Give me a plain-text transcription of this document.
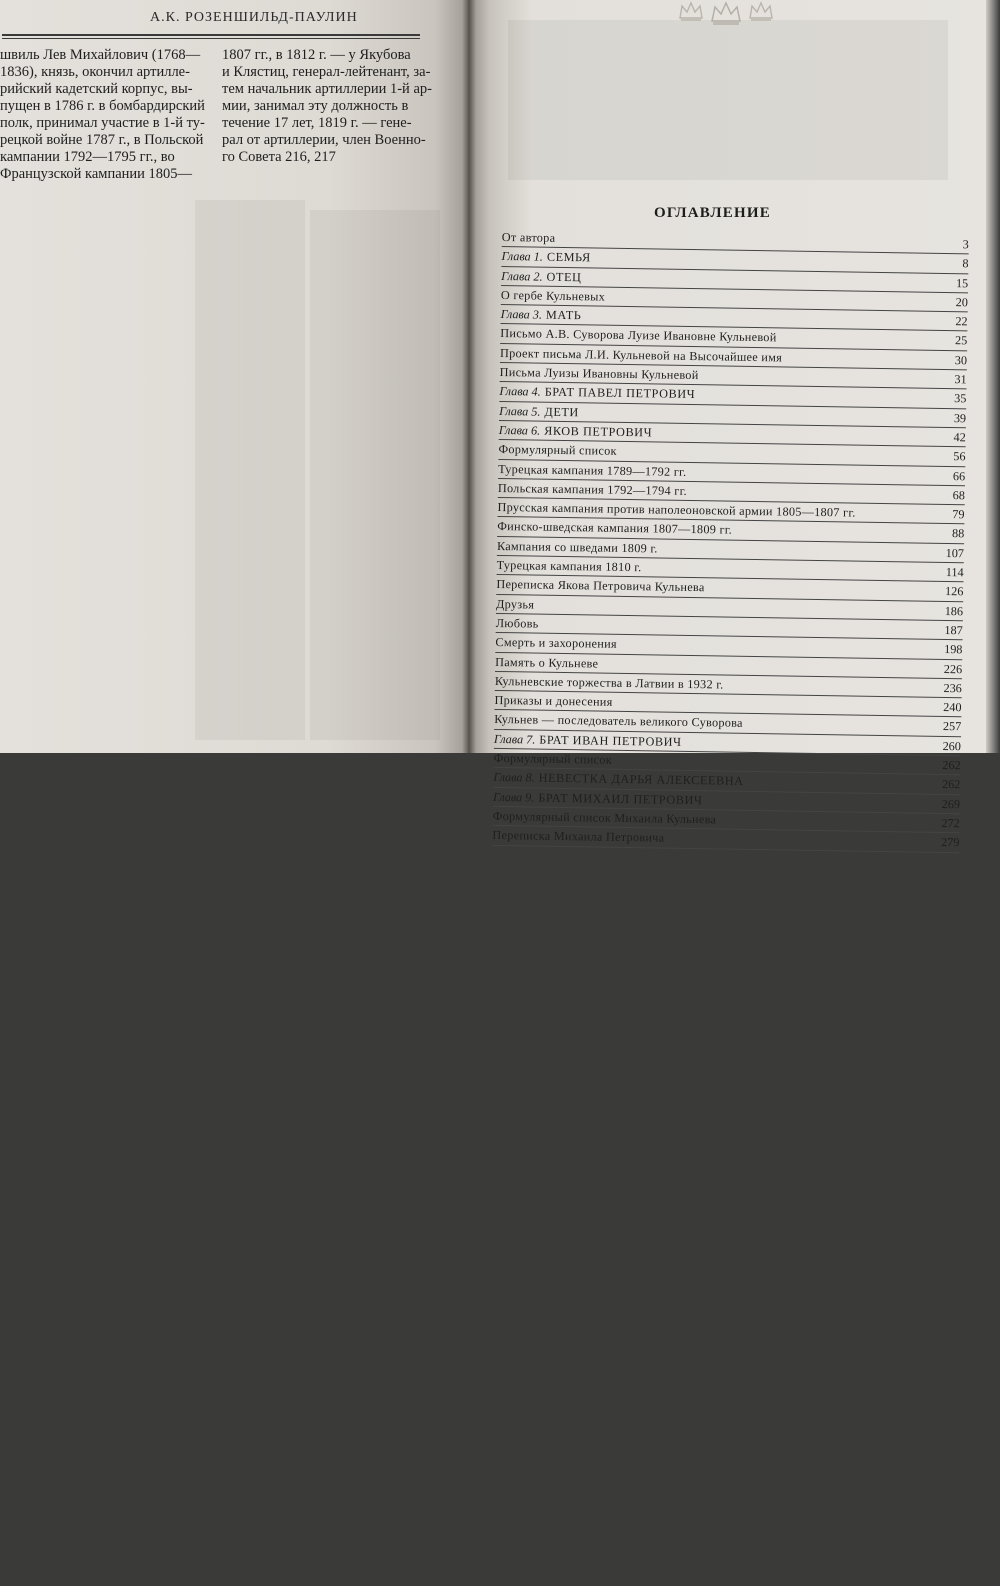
А.К. РОЗЕНШИЛЬД-ПАУЛИН
швиль Лев Михайлович (1768—
1836), князь, окончил артилле-
рийский кадетский корпус, вы-
пущен в 1786 г. в бомбардирский
полк, принимал участие в 1-й ту-
рецкой войне 1787 г., в Польской
кампании 1792—1795 гг., во
Французской кампании 1805—
1807 гг., в 1812 г. — у Якубова
и Клястиц, генерал-лейтенант, за-
тем начальник артиллерии 1-й ар-
мии, занимал эту должность в
течение 17 лет, 1819 г. — гене-
рал от артиллерии, член Военно-
го Совета 216, 217
ОГЛАВЛЕНИЕ
От автора	3
Глава 1. СЕМЬЯ	8
Глава 2. ОТЕЦ	15
О гербе Кульневых	20
Глава 3. МАТЬ	22
Письмо А.В. Суворова Луизе Ивановне Кульневой	25
Проект письма Л.И. Кульневой на Высочайшее имя	30
Письма Луизы Ивановны Кульневой	31
Глава 4. БРАТ ПАВЕЛ ПЕТРОВИЧ	35
Глава 5. ДЕТИ	39
Глава 6. ЯКОВ ПЕТРОВИЧ	42
Формулярный список	56
Турецкая кампания 1789—1792 гг.	66
Польская кампания 1792—1794 гг.	68
Прусская кампания против наполеоновской армии 1805—1807 гг.	79
Финско-шведская кампания 1807—1809 гг.	88
Кампания со шведами 1809 г.	107
Турецкая кампания 1810 г.	114
Переписка Якова Петровича Кульнева	126
Друзья	186
Любовь	187
Смерть и захоронения	198
Память о Кульневе	226
Кульневские торжества в Латвии в 1932 г.	236
Приказы и донесения	240
Кульнев — последователь великого Суворова	257
Глава 7. БРАТ ИВАН ПЕТРОВИЧ	260
Формулярный список	262
Глава 8. НЕВЕСТКА ДАРЬЯ АЛЕКСЕЕВНА	262
Глава 9. БРАТ МИХАИЛ ПЕТРОВИЧ	269
Формулярный список Михаила Кульнева	272
Переписка Михаила Петровича	279
